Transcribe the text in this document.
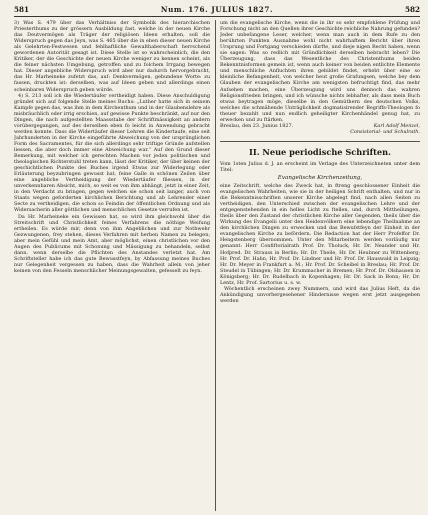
581	Num. 176. JULIUS 1827.	582

3) Was S. 479 über das Verhältniss der Symbolik des hierarchischen Priesterthums zu der grössern Ausbildung fast, welche in der neuen Kirche das Deutvermögen als Träger der religiösen Ideen erhalten, soll die Widerspruch gegen das Jeyn, was S. 465 über die in eben dieser neuen Kirche als Gelehrten-Festwesen und fehlhaftliche Gewalthaberschaft herrschend gewordenen Autorität gesagt ist. Diese Stelle ist so wahrscheinlich, die den Kritiker, der die Geschichte der neuen Kirche weniger zu kennen scheint, als die feiner nächsten Umgebung, getroffen und zu folchem Irrgang bewegen hat. Dieser angebliche Widerspruch wird aber nur dadurch hervorgebracht, das Hr. Marheineke zufetzt das, auf: Denkvermögen, gebundene Worte: zu fassen, druckten ist: derselben, was auf Ideen geben und allerdings einen scheinbaren Widerspruch geben würde.

4) S. 213 soll ich die Wiedertäufer vertheidigt haben. Diese Anschuldigung gründet sich auf folgende Stelle meines Buchs: „Luther hatte sich in seinem Kampfe gegen das, was ihm in dem Kirchenthum und in der Glaubenslehre als misbräuchlich oder irrig erschien, auf gewisse Punkte beschränkt, auf nur den Dingen, die nach aufgestellten Maassstabe der Schriftmässigkeit an andern vorübergegangen, auf des derselben eben fo leicht in Anwendung gebracht werden konnte. Dass die Widertäufer dieser Lehren die Kindertaufe, eine seit Jahrhunderten in der Kirche eingeführte Abweichung von der ursprünglichen Form des Sacramentes, für die sich allerdings sehr triftige Gründe aufstellen liessen, die aber doch immer eine Abweichung war.“ Auf den Grund dieser Bemerkung, mit welcher ich gerechten Machen vor jeden politischen und theologischen Richterstuhl treten kann, lässt der Kritiker, der über keinen der geschichtlichen Punkte des Buches irgend Etwas zur Widerlegung oder Erläuterung beyzubringen gewusst hat, feine Galle in schönen Zeilen über eine angebliche Vertheidigung der Wiedertäufer fliessen, in der unverkennbaren Absicht, mich, so weit es von ihm abhängt, jetzt in einer Zeit, in den Verdacht zu bringen, gegen welchen sie schon seit langer, auch von Staats wegen geforderten kirchlichen Berichtung und ab Lehrender einer Secte zu vertheidigen, die schon so Feindin der öffentlichen Ordnung und als Widersacherin aller göttlichen und menschlichen Gesetze verrufen ist.

Da Hr. Marheineke ein Gewissen hat, so wird ihm gleichwohl über die Streitschrift und Christlichkeit feines Verfahrens die nöthige Weifung ertheilen. Es würde mir, denn von ihm Angeblichen und zur Nothwehr Gezwungenen, frey stehen, dieses Verfahren mit herben Namen zu belegen; aber mein Gefühl und mein Amt, aber möglichst, einen christlichen vor den Augen des Publicums mit Schonung und Mässigung zu behandeln, selbst dann, wenn derselbe die Pflichten des Anstandes verletzt hat. Am Schriftsteller habe ich das gute Bewusstfeyn, by Abfassung meines Buches nur Gelegenheit vergessen zu haben, dass die Wahrheit allein von jeher keinen von den Fesseln menschlicher Meinungsgewalten, gefesselt zu feyn.

um die evangelische Kirche, wenn die in ihr so sehr empfohlene Prüfung und Forschung nicht an den Quellen ihrer Geschichte reichliche Nahrung gefunden? Jeder unbefangene Leser, welcher, wenn man auch in dem Rufe zu den berührten Punkten Ausnahme wohl nicht wahrhaftem Bericht über ihren Ursprung und Fortgang verschieden dürfte, und dieje nigen Recht haben, wenn sie sagen: Was so redlich mit Gründlichkeit derselben hebracht leben? Die Überzeugung, dass das Wesentliche des Christenthums beiden Bekenntnisformen gemein ist, wenn auch keiner von beiden entlichte Elemente und menschliche Anfluchten ihren gebildet findet, erhebt über eine so kleinliche Befangenheit, von welcher heut große Grafungsen, welche bey dem Glauben der evangelischen Kirche am wenigsten befruchtigt find, das mehr Aufsehen machen, eine Überzeugung wird uns dennoch das wahren Religionsfrieden bringen, und ich wünsche nichts lebhafter, als dass mein Buch etwas beytragen möge, dieselbe in den Gemüthern des deutschen Volks, welches die schmähende Unträglichkeit dogmatisirender Begriffs-Theologen fo theuer bezahlt und nun endlich geheiligter Kirchenhändel genug hat, zu erwecken und zu ftärken.

Breslau, den 23. Junius 1827.	Karl Adolf Menzel,
Consistorial- und Schulrath.
II. Neue periodische Schriften.

Vom 1sten Julius d. J. an erscheint im Verlage des Unterzeichneten unter dem Titel:

Evangelische Kirchenzeitung,

eine Zeitschrift, welche des Zweck hat, in ftreng geschlossener Einheit die evangelischen Wahrheiten, wie sie in der heiligen Schrift enthalten, und nur in die Bekenntnisschriften unserer Kirche abgelegt find, nach allen Seiten zu vertheidigen, den Unterschied zwischen der evangelischen Lehre und der entgegenstehenden in ein helles Licht zu ftellen, und, durch Mittheilungen, theils über den Zustand der christlichen Kirche aller Gegenden, theils über die Wirkung des Evangelii unter den Heidenvölkern eine lebendige Theilnahme an den kirchlichen Dingen zu erwecken und das Bewufstfeyn der Einheit in der evangelischen Kirche zu befördern. Die Redaction hat der Herr Profeffor Dr. Hengstenberg übernommen. Unter den Mitarbeitern werden vorläufig nur genannt: Herr Confiftorialrath Prof. Dr. Tholuck, Hr. Dr. Neander und Hr. Hofpred. Dr. Strauss in Berlin; Hr. Dr. Theile, Hr. Dr. Heubner zu Wittenberg; Hr. Prof. Dr. Hahn, Hr. Prof. Dr. Lindner und Hr. Prof. Dr. Hauswald in Leipzig; Hr. Dr. Meyer in Frankfurt a. M.; Hr. Prof. Dr. Scheibel in Breslau; Hr. Prof. Dr. Steudel in Tübingen; Hr. Dr. Krummacher in Bremen; Hr. Prof. Dr. Olshausen in Königsberg; Hr. Dr. Rudelbach in Kopenhagen; Hr. Dr. Sack in Bonn; Hr. Dr. Lentz, Hr. Prof. Sartorius u. s. w.

Wöchentlich erscheinen zwey Nummern, und wird das Julius Heft, da die Ankündigung unvorhergesehener Hindernisse wegen erst jetzt ausgegeben werden
